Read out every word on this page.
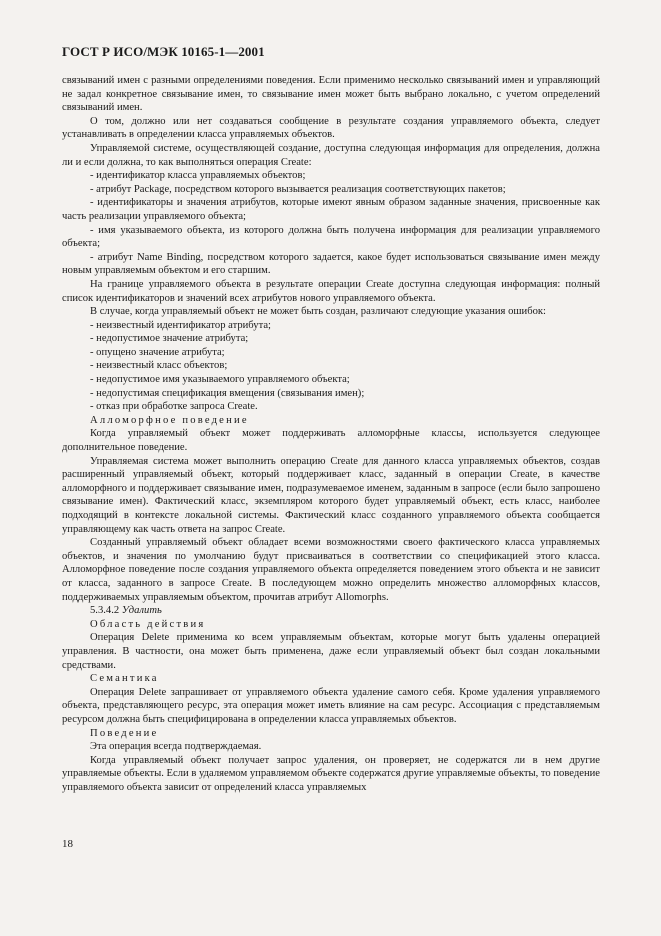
ГОСТ Р ИСО/МЭК 10165-1—2001

связываний имен с разными определениями поведения. Если применимо несколько связываний имен и управляющий не задал конкретное связывание имен, то связывание имен может быть выбрано локально, с учетом определений связываний имен.

О том, должно или нет создаваться сообщение в результате создания управляемого объекта, следует устанавливать в определении класса управляемых объектов.

Управляемой системе, осуществляющей создание, доступна следующая информация для определения, должна ли и если должна, то как выполняться операция Create:

- идентификатор класса управляемых объектов;

- атрибут Package, посредством которого вызывается реализация соответствующих пакетов;

- идентификаторы и значения атрибутов, которые имеют явным образом заданные значения, присвоенные как часть реализации управляемого объекта;

- имя указываемого объекта, из которого должна быть получена информация для реализации управляемого объекта;

- атрибут Name Binding, посредством которого задается, какое будет использоваться связывание имен между новым управляемым объектом и его старшим.

На границе управляемого объекта в результате операции Create доступна следующая информация: полный список идентификаторов и значений всех атрибутов нового управляемого объекта.

В случае, когда управляемый объект не может быть создан, различают следующие указания ошибок:

- неизвестный идентификатор атрибута;

- недопустимое значение атрибута;

- опущено значение атрибута;

- неизвестный класс объектов;

- недопустимое имя указываемого управляемого объекта;

- недопустимая спецификация вмещения (связывания имен);

- отказ при обработке запроса Create.

Алломорфное поведение

Когда управляемый объект может поддерживать алломорфные классы, используется следующее дополнительное поведение.

Управляемая система может выполнить операцию Create для данного класса управляемых объектов, создав расширенный управляемый объект, который поддерживает класс, заданный в операции Create, в качестве алломорфного и поддерживает связывание имен, подразумеваемое именем, заданным в запросе (если было запрошено связывание имен). Фактический класс, экземпляром которого будет управляемый объект, есть класс, наиболее подходящий в контексте локальной системы. Фактический класс созданного управляемого объекта сообщается управляющему как часть ответа на запрос Create.

Созданный управляемый объект обладает всеми возможностями своего фактического класса управляемых объектов, и значения по умолчанию будут присваиваться в соответствии со спецификацией этого класса. Алломорфное поведение после создания управляемого объекта определяется поведением этого объекта и не зависит от класса, заданного в запросе Create. В последующем можно определить множество алломорфных классов, поддерживаемых управляемым объектом, прочитав атрибут Allomorphs.

5.3.4.2 Удалить

Область действия

Операция Delete применима ко всем управляемым объектам, которые могут быть удалены операцией управления. В частности, она может быть применена, даже если управляемый объект был создан локальными средствами.

Семантика

Операция Delete запрашивает от управляемого объекта удаление самого себя. Кроме удаления управляемого объекта, представляющего ресурс, эта операция может иметь влияние на сам ресурс. Ассоциация с представляемым ресурсом должна быть специфицирована в определении класса управляемых объектов.

Поведение

Эта операция всегда подтверждаемая.

Когда управляемый объект получает запрос удаления, он проверяет, не содержатся ли в нем другие управляемые объекты. Если в удаляемом управляемом объекте содержатся другие управляемые объекты, то поведение управляемого объекта зависит от определений класса управляемых

18
